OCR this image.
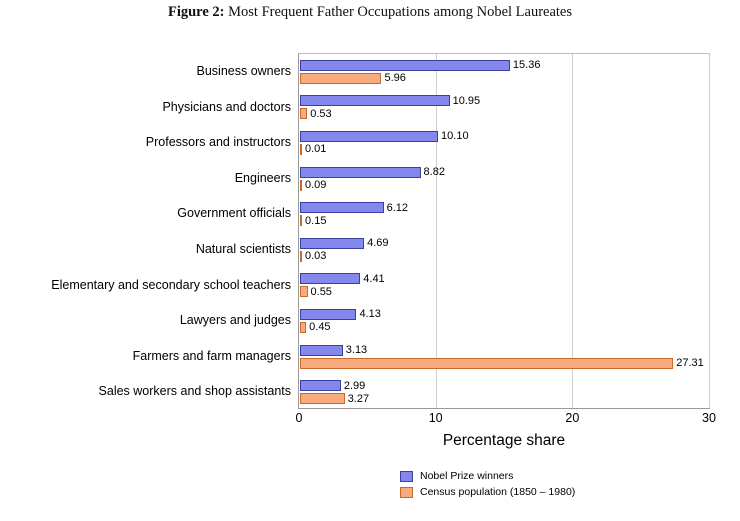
Figure 2: Most Frequent Father Occupations among Nobel Laureates
Business owners	15.36
5.96
Physicians and doctors	10.95
0.53
Professors and instructors	10.10
0.01
Engineers	8.82
0.09
Government officials	6.12
0.15
Natural scientists	4.69
0.03
Elementary and secondary school teachers	4.41
0.55
Lawyers and judges	4.13
0.45
Farmers and farm managers	3.13
27.31
Sales workers and shop assistants	2.99
3.27
0	10	20	30
Percentage share
Nobel Prize winners
Census population (1850 – 1980)
